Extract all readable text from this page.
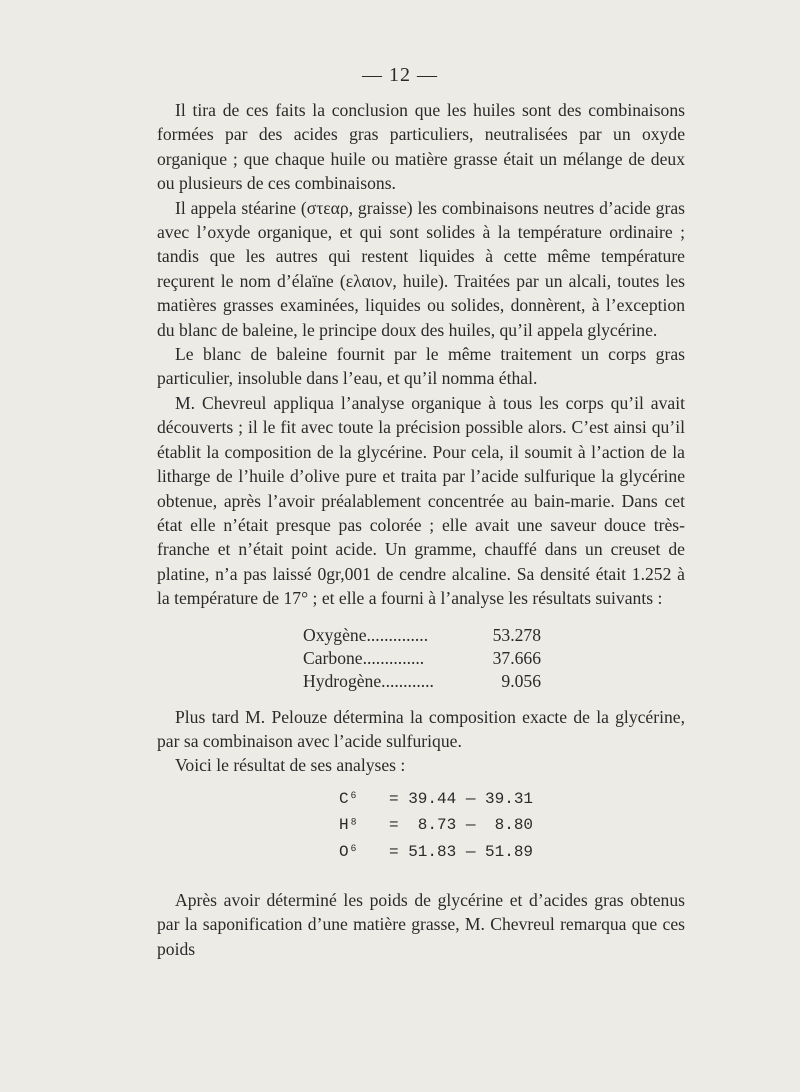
— 12 —

Il tira de ces faits la conclusion que les huiles sont des combinaisons formées par des acides gras particuliers, neutralisées par un oxyde organique ; que chaque huile ou matière grasse était un mélange de deux ou plusieurs de ces combinaisons.

Il appela stéarine (στεαρ, graisse) les combinaisons neutres d’acide gras avec l’oxyde organique, et qui sont solides à la température ordinaire ; tandis que les autres qui restent liquides à cette même température reçurent le nom d’élaïne (ελαιον, huile). Traitées par un alcali, toutes les matières grasses examinées, liquides ou solides, donnèrent, à l’exception du blanc de baleine, le principe doux des huiles, qu’il appela glycérine.

Le blanc de baleine fournit par le même traitement un corps gras particulier, insoluble dans l’eau, et qu’il nomma éthal.

M. Chevreul appliqua l’analyse organique à tous les corps qu’il avait découverts ; il le fit avec toute la précision possible alors. C’est ainsi qu’il établit la composition de la glycérine. Pour cela, il soumit à l’action de la litharge de l’huile d’olive pure et traita par l’acide sulfurique la glycérine obtenue, après l’avoir préalablement concentrée au bain-marie. Dans cet état elle n’était presque pas colorée ; elle avait une saveur douce très-franche et n’était point acide. Un gramme, chauffé dans un creuset de platine, n’a pas laissé 0gr,001 de cendre alcaline. Sa densité était 1.252 à la température de 17° ; et elle a fourni à l’analyse les résultats suivants :

Oxygène..............	53.278
Carbone..............	37.666
Hydrogène............	9.056

Plus tard M. Pelouze détermina la composition exacte de la glycérine, par sa combinaison avec l’acide sulfurique.

Voici le résultat de ses analyses :

C⁶	= 39.44 — 39.31
H⁸	=  8.73 —  8.80
O⁶	= 51.83 — 51.89

Après avoir déterminé les poids de glycérine et d’acides gras obtenus par la saponification d’une matière grasse, M. Chevreul remarqua que ces poids
